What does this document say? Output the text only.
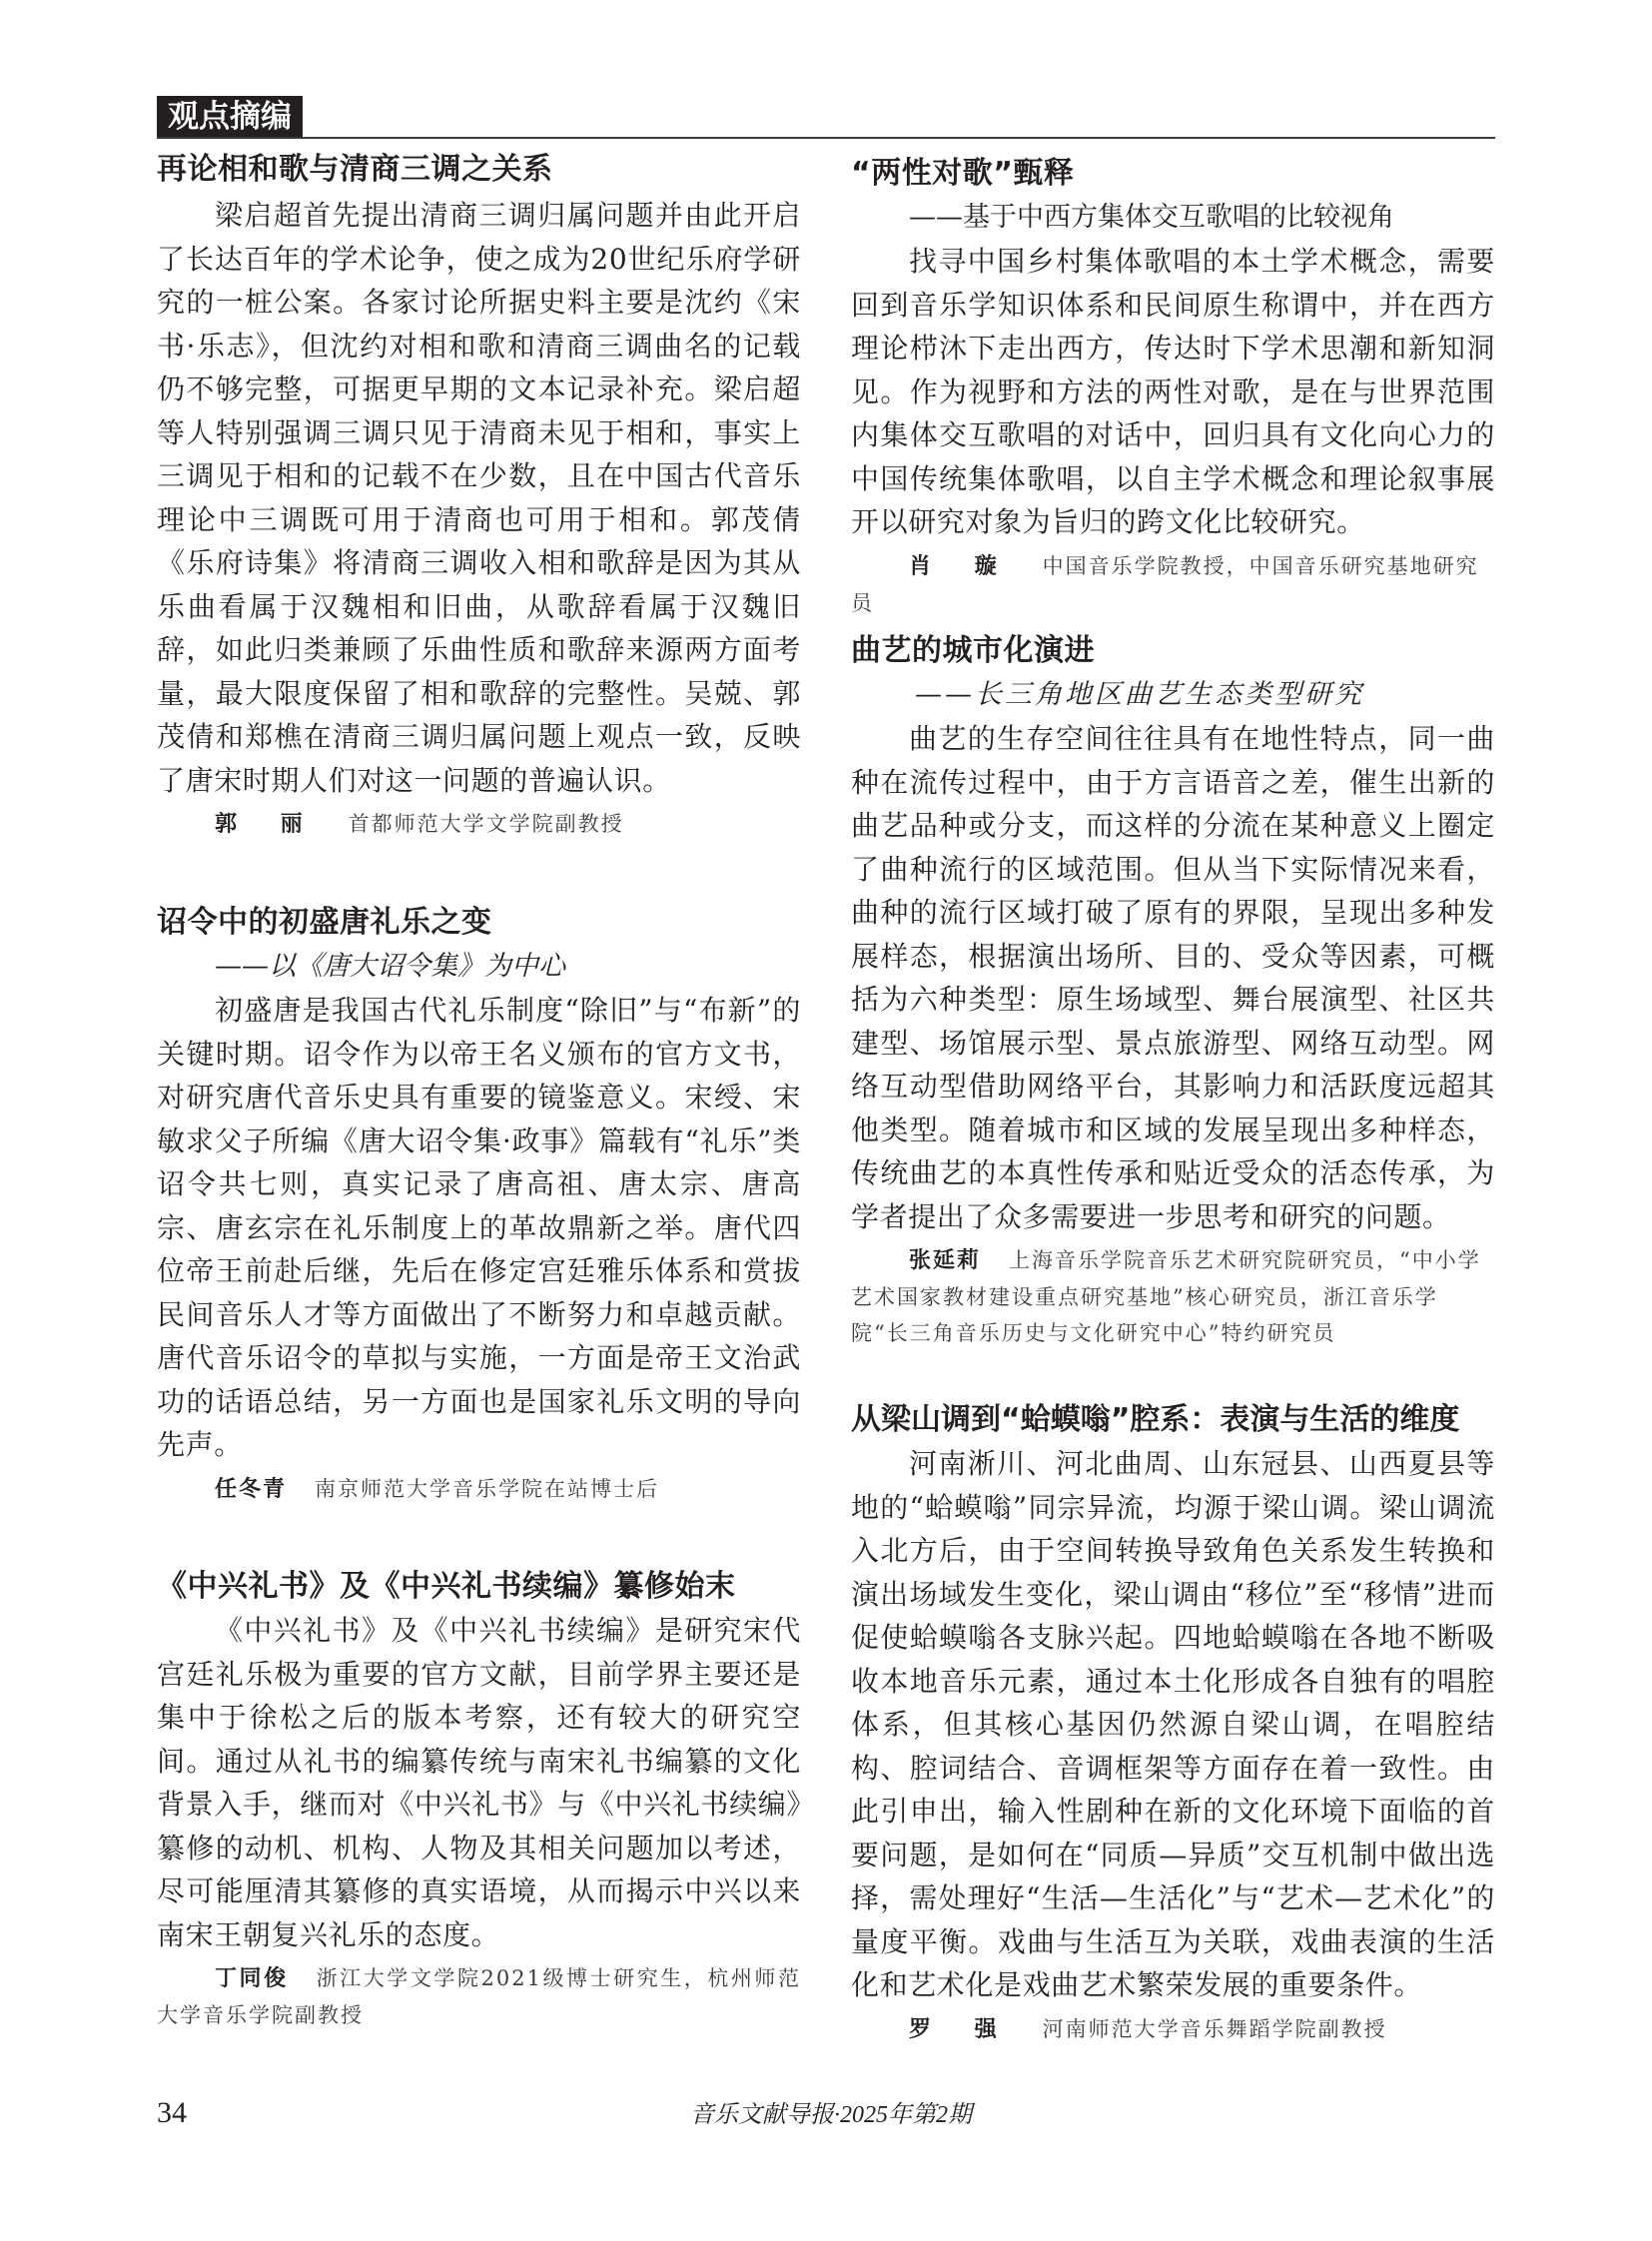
观点摘编
再论相和歌与清商三调之关系

梁启超首先提出清商三调归属问题并由此开启了长达百年的学术论争，使之成为20世纪乐府学研究的一桩公案。各家讨论所据史料主要是沈约《宋书·乐志》，但沈约对相和歌和清商三调曲名的记载仍不够完整，可据更早期的文本记录补充。梁启超等人特别强调三调只见于清商未见于相和，事实上三调见于相和的记载不在少数，且在中国古代音乐理论中三调既可用于清商也可用于相和。郭茂倩《乐府诗集》将清商三调收入相和歌辞是因为其从乐曲看属于汉魏相和旧曲，从歌辞看属于汉魏旧辞，如此归类兼顾了乐曲性质和歌辞来源两方面考量，最大限度保留了相和歌辞的完整性。吴兢、郭茂倩和郑樵在清商三调归属问题上观点一致，反映了唐宋时期人们对这一问题的普遍认识。

郭 丽 首都师范大学文学院副教授

诏令中的初盛唐礼乐之变

——以《唐大诏令集》为中心

初盛唐是我国古代礼乐制度“除旧”与“布新”的关键时期。诏令作为以帝王名义颁布的官方文书，对研究唐代音乐史具有重要的镜鉴意义。宋绶、宋敏求父子所编《唐大诏令集·政事》篇载有“礼乐”类诏令共七则，真实记录了唐高祖、唐太宗、唐高宗、唐玄宗在礼乐制度上的革故鼎新之举。唐代四位帝王前赴后继，先后在修定宫廷雅乐体系和赏拔民间音乐人才等方面做出了不断努力和卓越贡献。唐代音乐诏令的草拟与实施，一方面是帝王文治武功的话语总结，另一方面也是国家礼乐文明的导向先声。

任冬青 南京师范大学音乐学院在站博士后

《中兴礼书》及《中兴礼书续编》纂修始末

《中兴礼书》及《中兴礼书续编》是研究宋代宫廷礼乐极为重要的官方文献，目前学界主要还是集中于徐松之后的版本考察，还有较大的研究空间。通过从礼书的编纂传统与南宋礼书编纂的文化背景入手，继而对《中兴礼书》与《中兴礼书续编》纂修的动机、机构、人物及其相关问题加以考述，尽可能厘清其纂修的真实语境，从而揭示中兴以来南宋王朝复兴礼乐的态度。

丁同俊 浙江大学文学院2021级博士研究生，杭州师范大学音乐学院副教授

“两性对歌”甄释

——基于中西方集体交互歌唱的比较视角

找寻中国乡村集体歌唱的本土学术概念，需要回到音乐学知识体系和民间原生称谓中，并在西方理论栉沐下走出西方，传达时下学术思潮和新知洞见。作为视野和方法的两性对歌，是在与世界范围内集体交互歌唱的对话中，回归具有文化向心力的中国传统集体歌唱，以自主学术概念和理论叙事展开以研究对象为旨归的跨文化比较研究。

肖 璇 中国音乐学院教授，中国音乐研究基地研究员

曲艺的城市化演进

——长三角地区曲艺生态类型研究

曲艺的生存空间往往具有在地性特点，同一曲种在流传过程中，由于方言语音之差，催生出新的曲艺品种或分支，而这样的分流在某种意义上圈定了曲种流行的区域范围。但从当下实际情况来看，曲种的流行区域打破了原有的界限，呈现出多种发展样态，根据演出场所、目的、受众等因素，可概括为六种类型：原生场域型、舞台展演型、社区共建型、场馆展示型、景点旅游型、网络互动型。网络互动型借助网络平台，其影响力和活跃度远超其他类型。随着城市和区域的发展呈现出多种样态，传统曲艺的本真性传承和贴近受众的活态传承，为学者提出了众多需要进一步思考和研究的问题。

张延莉 上海音乐学院音乐艺术研究院研究员，“中小学艺术国家教材建设重点研究基地”核心研究员，浙江音乐学院“长三角音乐历史与文化研究中心”特约研究员

从梁山调到“蛤蟆嗡”腔系：表演与生活的维度

河南淅川、河北曲周、山东冠县、山西夏县等地的“蛤蟆嗡”同宗异流，均源于梁山调。梁山调流入北方后，由于空间转换导致角色关系发生转换和演出场域发生变化，梁山调由“移位”至“移情”进而促使蛤蟆嗡各支脉兴起。四地蛤蟆嗡在各地不断吸收本地音乐元素，通过本土化形成各自独有的唱腔体系，但其核心基因仍然源自梁山调，在唱腔结构、腔词结合、音调框架等方面存在着一致性。由此引申出，输入性剧种在新的文化环境下面临的首要问题，是如何在“同质—异质”交互机制中做出选择，需处理好“生活—生活化”与“艺术—艺术化”的量度平衡。戏曲与生活互为关联，戏曲表演的生活化和艺术化是戏曲艺术繁荣发展的重要条件。

罗 强 河南师范大学音乐舞蹈学院副教授

34	音乐文献导报·2025年第2期
